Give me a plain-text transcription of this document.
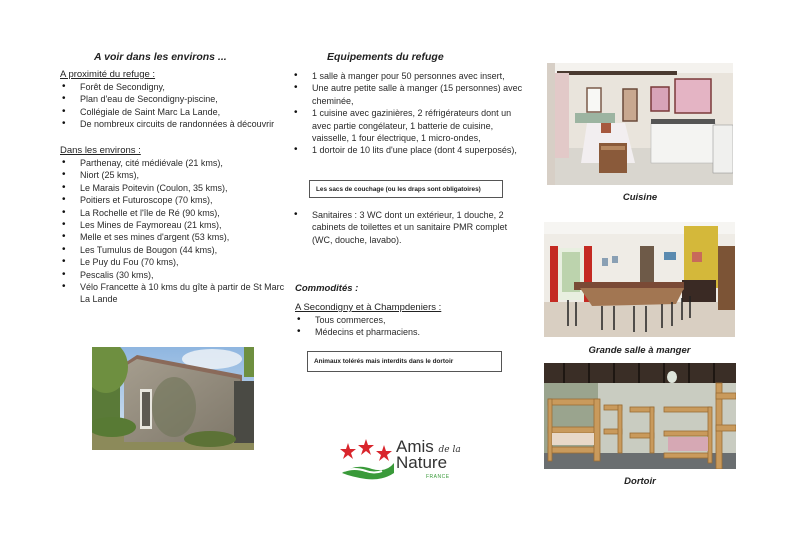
A voir dans les environs ...
A proximité du refuge :
• Forêt de Secondigny,
• Plan d'eau de Secondigny-piscine,
• Collégiale de Saint Marc La Lande,
• De nombreux circuits de randonnées à découvrir
Dans les environs :
• Parthenay, cité médiévale (21 kms),
• Niort (25 kms),
• Le Marais Poitevin (Coulon, 35 kms),
• Poitiers et Futuroscope (70 kms),
• La Rochelle et l'île de Ré (90 kms),
• Les Mines de Faymoreau (21 kms),
• Melle et ses mines d'argent (53 kms),
• Les Tumulus de Bougon (44 kms),
• Le Puy du Fou (70 kms),
• Pescalis (30 kms),
• Vélo Francette à 10 kms du gîte à partir de St Marc La Lande
Equipements du refuge
• 1 salle à manger pour 50 personnes avec insert,
• Une autre petite salle à manger (15 personnes) avec cheminée,
• 1 cuisine avec gazinières, 2 réfrigérateurs dont un avec partie congélateur, 1 batterie de cuisine, vaisselle, 1 four électrique, 1 micro-ondes,
• 1 dortoir de 10 lits d'une place (dont 4 superposés),
Les sacs de couchage (ou les draps sont obligatoires)
• Sanitaires : 3 WC dont un extérieur, 1 douche, 2 cabinets de toilettes et un sanitaire PMR complet (WC, douche, lavabo).
Commodités :
A Secondigny et à Champdeniers :
• Tous commerces,
• Médecins et pharmaciens.
Animaux tolérés mais interdits dans le dortoir
Amis de la
Nature
FRANCE
Cuisine
Grande salle à manger
Dortoir
